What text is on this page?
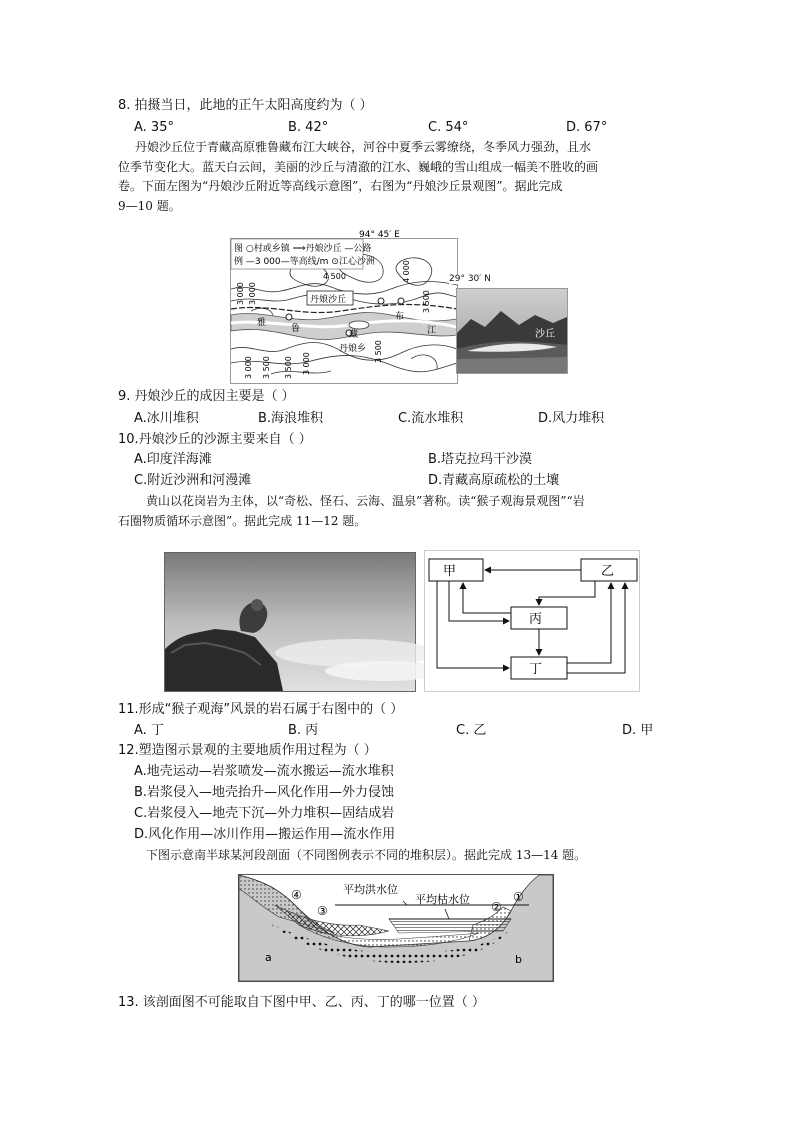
8. 拍摄当日，此地的正午太阳高度约为（ ）
A. 35°	B. 42°	C. 54°	D. 67°
丹娘沙丘位于青藏高原雅鲁藏布江大峡谷，河谷中夏季云雾缭绕，冬季风力强劲，且水
位季节变化大。蓝天白云间，美丽的沙丘与清澈的江水、巍峨的雪山组成一幅美不胜收的画
卷。下面左图为“丹娘沙丘附近等高线示意图”，右图为“丹娘沙丘景观图”。据此完成
9—10 题。
图 ○村或乡镇 ⟹丹娘沙丘 —公路
例 —3 000—等高线/m ⊙江心沙洲
94° 45′ E
丹娘沙丘
丹娘乡
雅
鲁
藏
布
江
3 000 3 000
4 500	4 000
3 500
3 500
3 500
3 000	3 000
3 500
29° 30′ N
沙丘
9. 丹娘沙丘的成因主要是（ ）
A.冰川堆积	B.海浪堆积	C.流水堆积	D.风力堆积
10.丹娘沙丘的沙源主要来自（ ）
A.印度洋海滩	B.塔克拉玛干沙漠
C.附近沙洲和河漫滩	D.青藏高原疏松的土壤
黄山以花岗岩为主体，以“奇松、怪石、云海、温泉”著称。读“猴子观海景观图”“岩
石圈物质循环示意图”。据此完成 11—12 题。
甲	乙
丙
丁
11.形成“猴子观海”风景的岩石属于右图中的（ ）
A. 丁	B. 丙	C. 乙	D. 甲
12.塑造图示景观的主要地质作用过程为（ ）
A.地壳运动—岩浆喷发—流水搬运—流水堆积
B.岩浆侵入—地壳抬升—风化作用—外力侵蚀
C.岩浆侵入—地壳下沉—外力堆积—固结成岩
D.风化作用—冰川作用—搬运作用—流水作用
下图示意南半球某河段剖面（不同图例表示不同的堆积层）。据此完成 13—14 题。
平均洪水位
平均枯水位	①
②
③
④
a	b
13. 该剖面图不可能取自下图中甲、乙、丙、丁的哪一位置（ ）
